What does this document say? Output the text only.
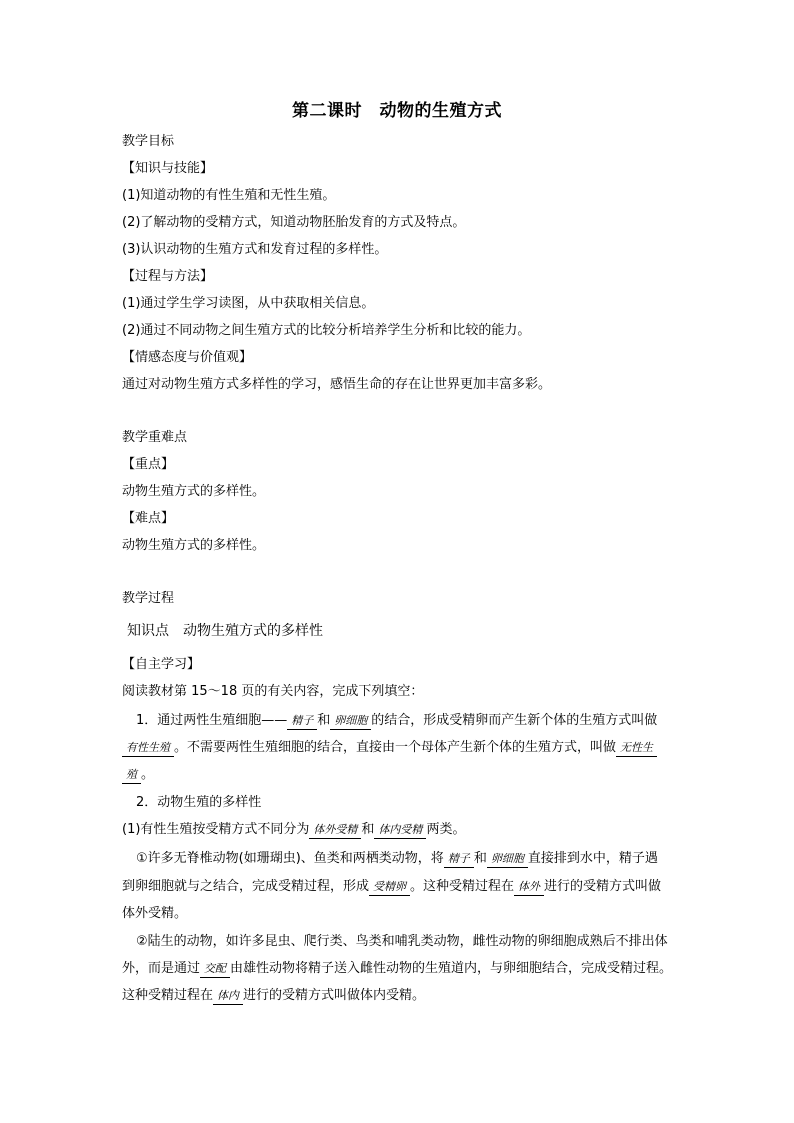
第二课时　动物的生殖方式
教学目标
【知识与技能】
(1)知道动物的有性生殖和无性生殖。
(2)了解动物的受精方式，知道动物胚胎发育的方式及特点。
(3)认识动物的生殖方式和发育过程的多样性。
【过程与方法】
(1)通过学生学习读图，从中获取相关信息。
(2)通过不同动物之间生殖方式的比较分析培养学生分析和比较的能力。
【情感态度与价值观】
通过对动物生殖方式多样性的学习，感悟生命的存在让世界更加丰富多彩。
教学重难点
【重点】
动物生殖方式的多样性。
【难点】
动物生殖方式的多样性。
教学过程
知识点　动物生殖方式的多样性
【自主学习】
阅读教材第 15～18 页的有关内容，完成下列填空：
1．通过两性生殖细胞—— 精子 和 卵细胞 的结合，形成受精卵而产生新个体的生殖方式叫做
有性生殖 。不需要两性生殖细胞的结合，直接由一个母体产生新个体的生殖方式，叫做 无性生
殖 。
2．动物生殖的多样性
(1)有性生殖按受精方式不同分为 体外受精 和 体内受精 两类。
①许多无脊椎动物(如珊瑚虫)、鱼类和两栖类动物，将 精子 和 卵细胞 直接排到水中，精子遇
到卵细胞就与之结合，完成受精过程，形成 受精卵 。这种受精过程在 体外 进行的受精方式叫做
体外受精。
②陆生的动物，如许多昆虫、爬行类、鸟类和哺乳类动物，雌性动物的卵细胞成熟后不排出体
外，而是通过 交配 由雄性动物将精子送入雌性动物的生殖道内，与卵细胞结合，完成受精过程。
这种受精过程在 体内 进行的受精方式叫做体内受精。
